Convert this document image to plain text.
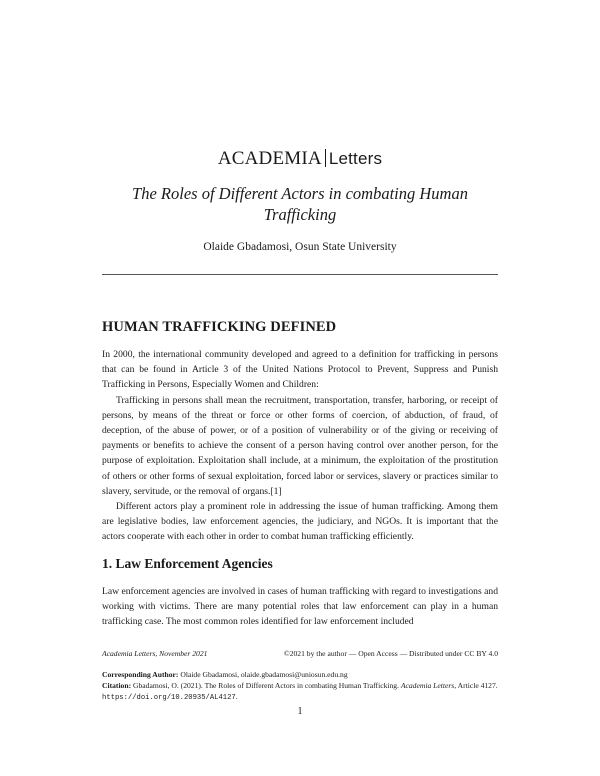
ACADEMIA Letters
The Roles of Different Actors in combating Human Trafficking
Olaide Gbadamosi, Osun State University
HUMAN TRAFFICKING DEFINED

In 2000, the international community developed and agreed to a definition for trafficking in persons that can be found in Article 3 of the United Nations Protocol to Prevent, Suppress and Punish Trafficking in Persons, Especially Women and Children:

Trafficking in persons shall mean the recruitment, transportation, transfer, harboring, or receipt of persons, by means of the threat or force or other forms of coercion, of abduction, of fraud, of deception, of the abuse of power, or of a position of vulnerability or of the giving or receiving of payments or benefits to achieve the consent of a person having control over another person, for the purpose of exploitation. Exploitation shall include, at a minimum, the exploitation of the prostitution of others or other forms of sexual exploitation, forced labor or services, slavery or practices similar to slavery, servitude, or the removal of organs.[1]

Different actors play a prominent role in addressing the issue of human trafficking. Among them are legislative bodies, law enforcement agencies, the judiciary, and NGOs. It is important that the actors cooperate with each other in order to combat human trafficking efficiently.

1. Law Enforcement Agencies

Law enforcement agencies are involved in cases of human trafficking with regard to investigations and working with victims. There are many potential roles that law enforcement can play in a human trafficking case. The most common roles identified for law enforcement included

Academia Letters, November 2021	©2021 by the author — Open Access — Distributed under CC BY 4.0
Corresponding Author: Olaide Gbadamosi, olaide.gbadamosi@uniosun.edu.ng
Citation: Gbadamosi, O. (2021). The Roles of Different Actors in combating Human Trafficking. Academia Letters, Article 4127. https://doi.org/10.20935/AL4127.
1
